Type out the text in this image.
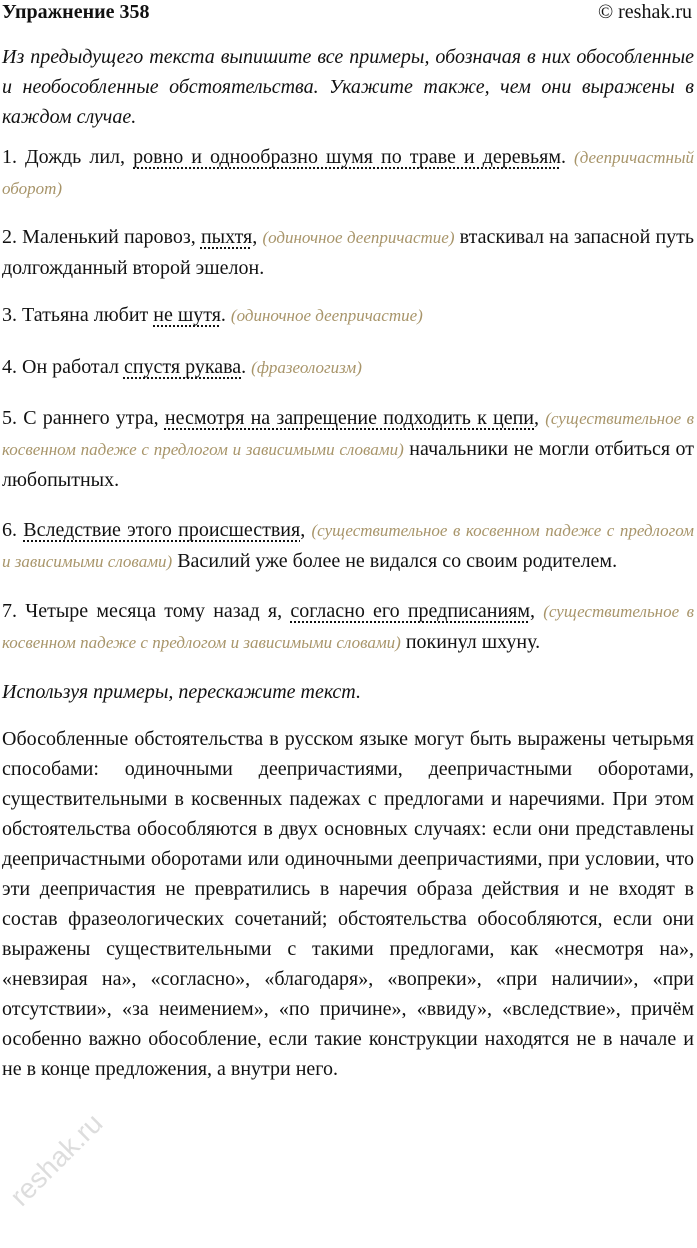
Упражнение 358	© reshak.ru

Из предыдущего текста выпишите все примеры, обозначая в них обособленные и необособленные обстоятельства. Укажите также, чем они выражены в каждом случае.

1. Дождь лил, ровно и однообразно шумя по траве и деревьям. (деепричастный оборот)

2. Маленький паровоз, пыхтя, (одиночное деепричастие) втаскивал на запасной путь долгожданный второй эшелон.

3. Татьяна любит не шутя. (одиночное деепричастие)

4. Он работал спустя рукава. (фразеологизм)

5. С раннего утра, несмотря на запрещение подходить к цепи, (существительное в косвенном падеже с предлогом и зависимыми словами) начальники не могли отбиться от любопытных.

6. Вследствие этого происшествия, (существительное в косвенном падеже с предлогом и зависимыми словами) Василий уже более не видался со своим родителем.

7. Четыре месяца тому назад я, согласно его предписаниям, (существительное в косвенном падеже с предлогом и зависимыми словами) покинул шхуну.

Используя примеры, перескажите текст.

Обособленные обстоятельства в русском языке могут быть выражены четырьмя способами: одиночными деепричастиями, деепричастными оборотами, существительными в косвенных падежах с предлогами и наречиями. При этом обстоятельства обособляются в двух основных случаях: если они представлены деепричастными оборотами или одиночными деепричастиями, при условии, что эти деепричастия не превратились в наречия образа действия и не входят в состав фразеологических сочетаний; обстоятельства обособляются, если они выражены существительными с такими предлогами, как «несмотря на», «невзирая на», «согласно», «благодаря», «вопреки», «при наличии», «при отсутствии», «за неимением», «по причине», «ввиду», «вследствие», причём особенно важно обособление, если такие конструкции находятся не в начале и не в конце предложения, а внутри него.

reshak.ru
